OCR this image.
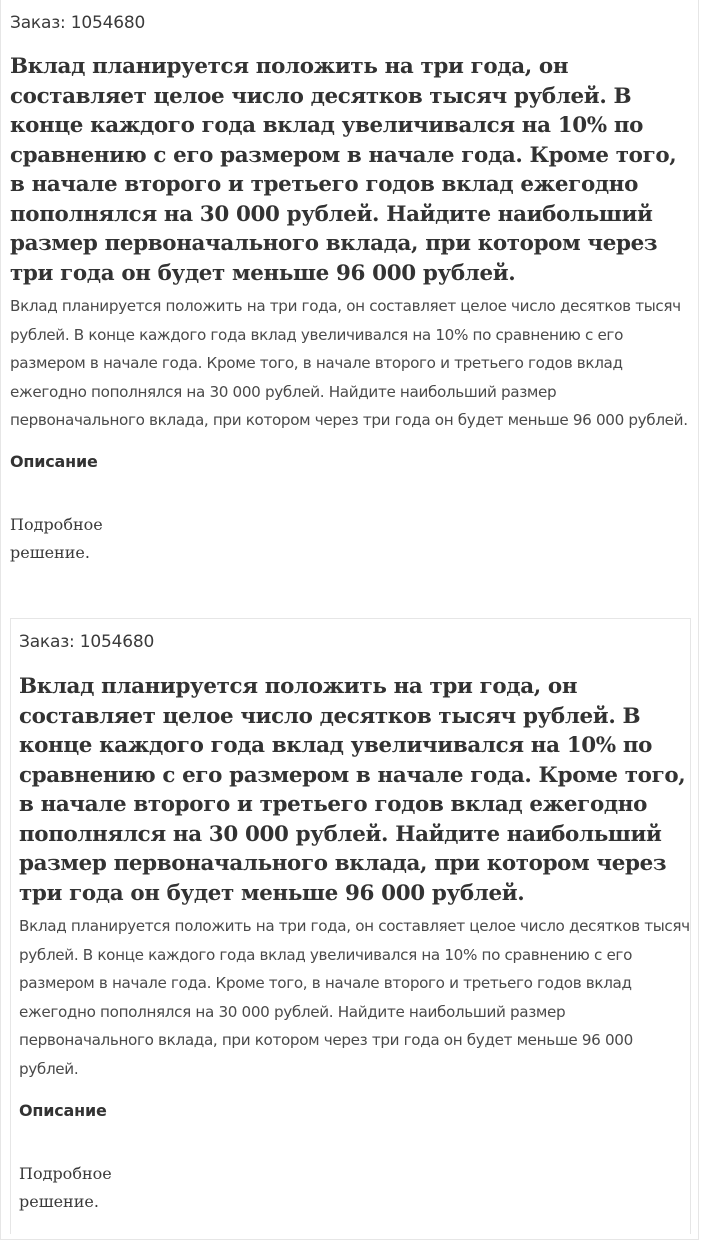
Заказ: 1054680

Вклад планируется положить на три года, он составляет целое число десятков тысяч рублей. В конце каждого года вклад увеличивался на 10% по сравнению с его размером в начале года. Кроме того, в начале второго и третьего годов вклад ежегодно пополнялся на 30 000 рублей. Найдите наибольший размер первоначального вклада, при котором через три года он будет меньше 96 000 рублей.

Вклад планируется положить на три года, он составляет целое число десятков тысяч рублей. В конце каждого года вклад увеличивался на 10% по сравнению с его размером в начале года. Кроме того, в начале второго и третьего годов вклад ежегодно пополнялся на 30 000 рублей. Найдите наибольший размер первоначального вклада, при котором через три года он будет меньше 96 000 рублей.

Описание

Подробное решение.

Заказ: 1054680

Вклад планируется положить на три года, он составляет целое число десятков тысяч рублей. В конце каждого года вклад увеличивался на 10% по сравнению с его размером в начале года. Кроме того, в начале второго и третьего годов вклад ежегодно пополнялся на 30 000 рублей. Найдите наибольший размер первоначального вклада, при котором через три года он будет меньше 96 000 рублей.

Вклад планируется положить на три года, он составляет целое число десятков тысяч рублей. В конце каждого года вклад увеличивался на 10% по сравнению с его размером в начале года. Кроме того, в начале второго и третьего годов вклад ежегодно пополнялся на 30 000 рублей. Найдите наибольший размер первоначального вклада, при котором через три года он будет меньше 96 000 рублей.

Описание

Подробное решение.
